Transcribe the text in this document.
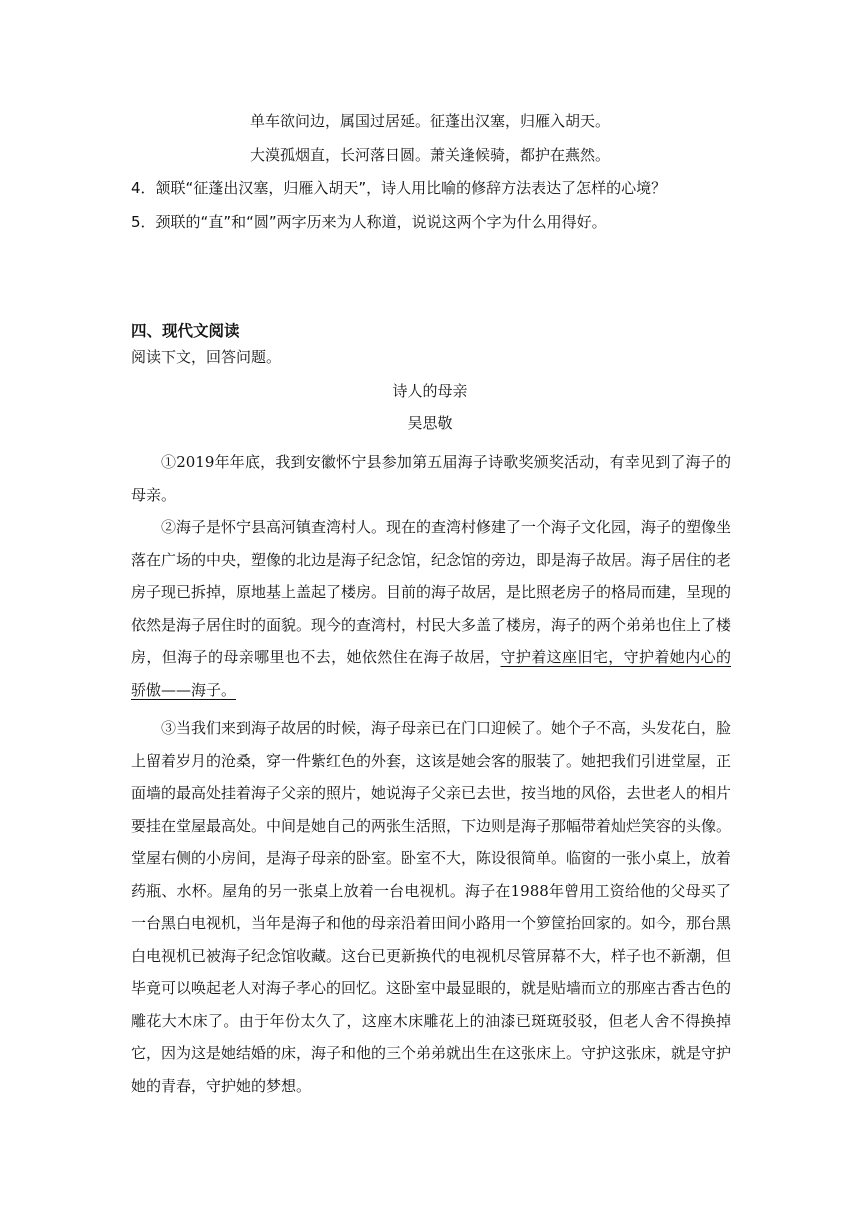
单车欲问边，属国过居延。征蓬出汉塞，归雁入胡天。
大漠孤烟直，长河落日圆。萧关逢候骑，都护在燕然。
4．颔联“征蓬出汉塞，归雁入胡天”，诗人用比喻的修辞方法表达了怎样的心境？
5．颈联的“直”和“圆”两字历来为人称道，说说这两个字为什么用得好。
四、现代文阅读
阅读下文，回答问题。
诗人的母亲
吴思敬
①2019年年底，我到安徽怀宁县参加第五届海子诗歌奖颁奖活动，有幸见到了海子的母亲。
②海子是怀宁县高河镇查湾村人。现在的查湾村修建了一个海子文化园，海子的塑像坐落在广场的中央，塑像的北边是海子纪念馆，纪念馆的旁边，即是海子故居。海子居住的老房子现已拆掉，原地基上盖起了楼房。目前的海子故居，是比照老房子的格局而建，呈现的依然是海子居住时的面貌。现今的查湾村，村民大多盖了楼房，海子的两个弟弟也住上了楼房，但海子的母亲哪里也不去，她依然住在海子故居，守护着这座旧宅，守护着她内心的骄傲——海子。
③当我们来到海子故居的时候，海子母亲已在门口迎候了。她个子不高，头发花白，脸上留着岁月的沧桑，穿一件紫红色的外套，这该是她会客的服装了。她把我们引进堂屋，正面墙的最高处挂着海子父亲的照片，她说海子父亲已去世，按当地的风俗，去世老人的相片要挂在堂屋最高处。中间是她自己的两张生活照，下边则是海子那幅带着灿烂笑容的头像。堂屋右侧的小房间，是海子母亲的卧室。卧室不大，陈设很简单。临窗的一张小桌上，放着药瓶、水杯。屋角的另一张桌上放着一台电视机。海子在1988年曾用工资给他的父母买了一台黑白电视机，当年是海子和他的母亲沿着田间小路用一个箩筐抬回家的。如今，那台黑白电视机已被海子纪念馆收藏。这台已更新换代的电视机尽管屏幕不大，样子也不新潮，但毕竟可以唤起老人对海子孝心的回忆。这卧室中最显眼的，就是贴墙而立的那座古香古色的雕花大木床了。由于年份太久了，这座木床雕花上的油漆已斑斑驳驳，但老人舍不得换掉它，因为这是她结婚的床，海子和他的三个弟弟就出生在这张床上。守护这张床，就是守护她的青春，守护她的梦想。
